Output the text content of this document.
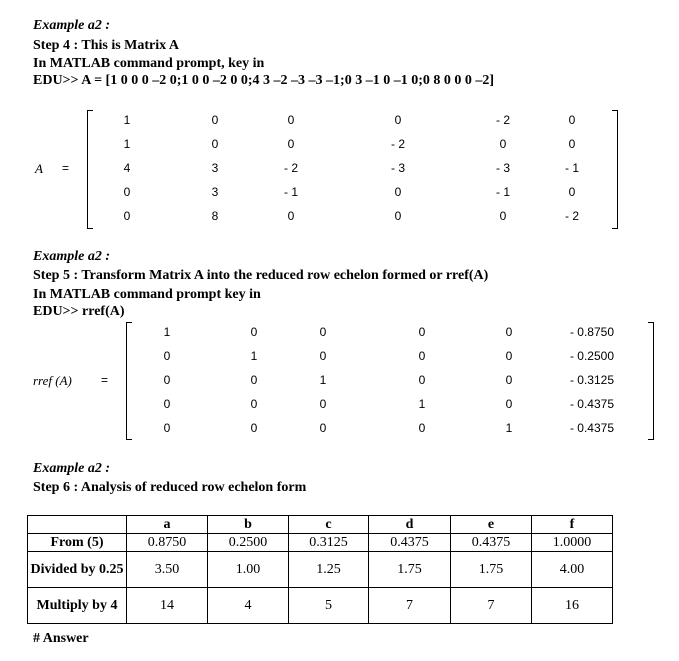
Example a2 :
Step 4 : This is Matrix A
In MATLAB command prompt, key in
EDU>> A = [1 0 0 0 –2 0;1 0 0 –2 0 0;4 3 –2 –3 –3 –1;0 3 –1 0 –1 0;0 8 0 0 0 –2]
A =
1	0	0	0	- 2	0
1	0	0	- 2	0	0
4	3	- 2	- 3	- 3	- 1
0	3	- 1	0	- 1	0
0	8	0	0	0	- 2
Example a2 :
Step 5 : Transform Matrix A into the reduced row echelon formed or rref(A)
In MATLAB command prompt key in
EDU>> rref(A)
rref (A) =
1	0	0	0	0	- 0.8750
0	1	0	0	0	- 0.2500
0	0	1	0	0	- 0.3125
0	0	0	1	0	- 0.4375
0	0	0	0	1	- 0.4375
Example a2 :
Step 6 : Analysis of reduced row echelon form
	a	b	c	d	e	f
From (5)	0.8750	0.2500	0.3125	0.4375	0.4375	1.0000
Divided by 0.25	3.50	1.00	1.25	1.75	1.75	4.00
Multiply by 4	14	4	5	7	7	16
# Answer
